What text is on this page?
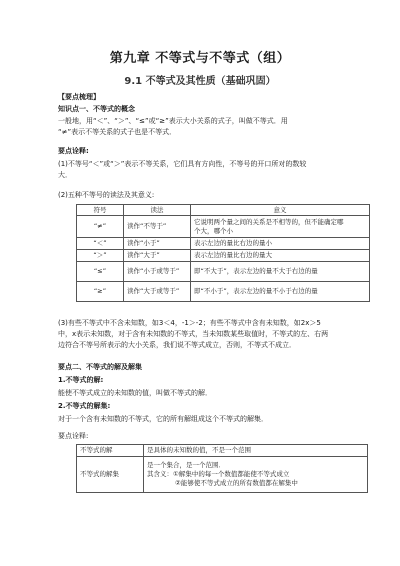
第九章 不等式与不等式（组）
9.1 不等式及其性质（基础巩固）
【要点梳理】
知识点一、不等式的概念
一般地，用“＜”、“＞”、“≤”或“≥”表示大小关系的式子，叫做不等式．用
“≠”表示不等关系的式子也是不等式．
要点诠释:
(1)不等号“＜”或“＞”表示不等关系，它们具有方向性，不等号的开口所对的数较
大．
(2)五种不等号的读法及其意义:
符号	读法	意义
“≠”	读作“不等于”	它说明两个量之间的关系是不相等的，但不能确定哪
个大，哪个小

“＜”	读作“小于”	表示左边的量比右边的量小
“＞”	读作“大于”	表示左边的量比右边的量大
“≤”	读作“小于或等于”	即“不大于”，表示左边的量不大于右边的量
“≥”	读作“大于或等于”	即“不小于”，表示左边的量不小于右边的量
(3)有些不等式中不含未知数，如3＜4，-1＞-2；有些不等式中含有未知数，如2x＞5
中，x表示未知数，对于含有未知数的不等式，当未知数某些取值时，不等式的左、右两
边符合不等号所表示的大小关系，我们说不等式成立，否则，不等式不成立．
要点二、不等式的解及解集
1.不等式的解:
能使不等式成立的未知数的值，叫做不等式的解．
2.不等式的解集:
对于一个含有未知数的不等式，它的所有解组成这个不等式的解集．
要点诠释:
不等式的解	是具体的未知数的值，不是一个范围
不等式的解集	是一个集合，是一个范围．
其含义：①解集中的每一个数值都能使不等式成立
②能够使不等式成立的所有数值都在解集中
